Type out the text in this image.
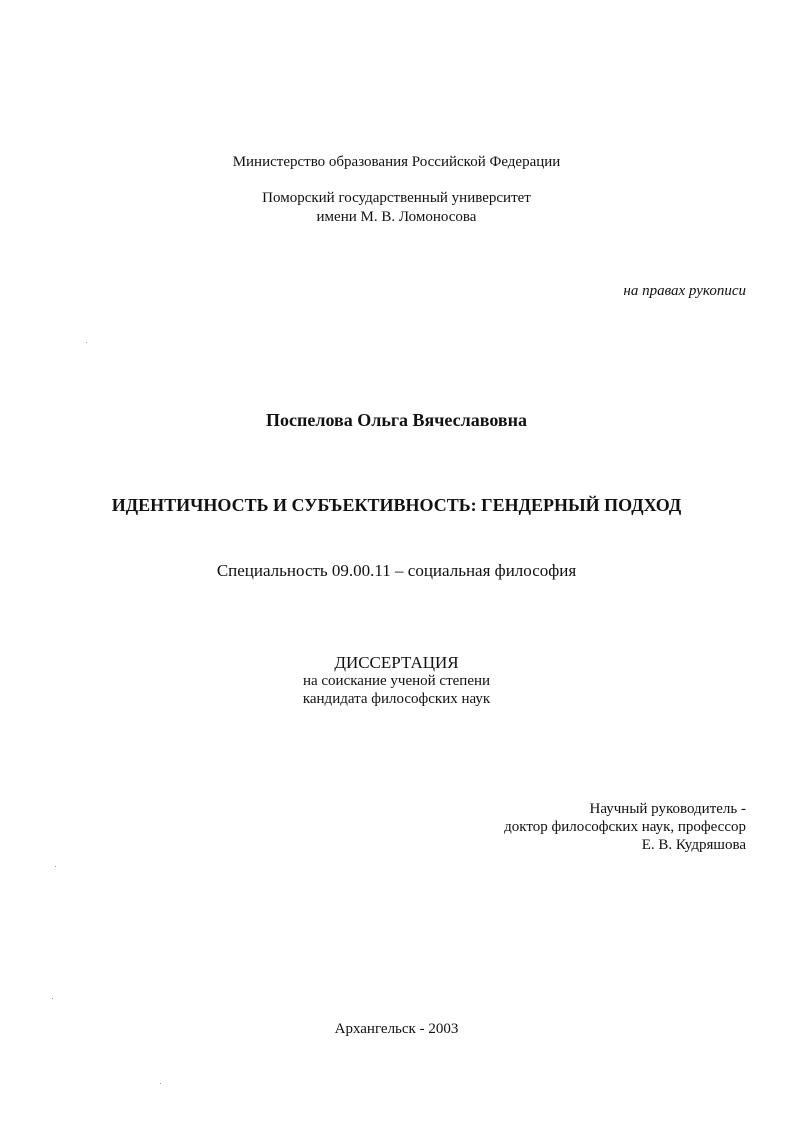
Министерство образования Российской Федерации
Поморский государственный университет
имени М. В. Ломоносова
на правах рукописи
Поспелова Ольга Вячеславовна
ИДЕНТИЧНОСТЬ И СУБЪЕКТИВНОСТЬ: ГЕНДЕРНЫЙ ПОДХОД
Специальность 09.00.11 – социальная философия
ДИССЕРТАЦИЯ
на соискание ученой степени
кандидата философских наук
Научный руководитель -
доктор философских наук, профессор
Е. В. Кудряшова
Архангельск - 2003
